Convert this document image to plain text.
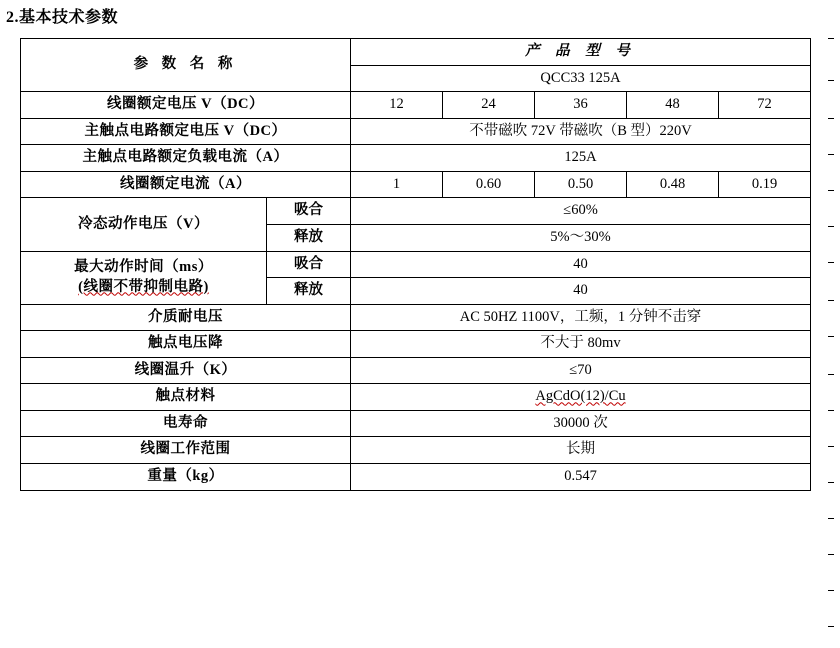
2.基本技术参数
参 数 名 称		产 品 型 号				
		QCC33 125A				
线圈额定电压 V（DC）		12	24	36	48	72
主触点电路额定电压 V（DC）		不带磁吹 72V 带磁吹（B 型）220V				
主触点电路额定负载电流（A）		125A				
线圈额定电流（A）		1	0.60	0.50	0.48	0.19
冷态动作电压（V）	吸合	≤60%				
	释放	5%～30%				

最大动作时间（ms）
(线圈不带抑制电路)	吸合	40				
	释放	40				
介质耐电压		AC 50HZ 1100V，工频，1 分钟不击穿				
触点电压降		不大于 80mv				
线圈温升（K）		≤70				
触点材料		AgCdO(12)/Cu				
电寿命		30000 次				
线圈工作范围		长期				
重量（kg）		0.547				
